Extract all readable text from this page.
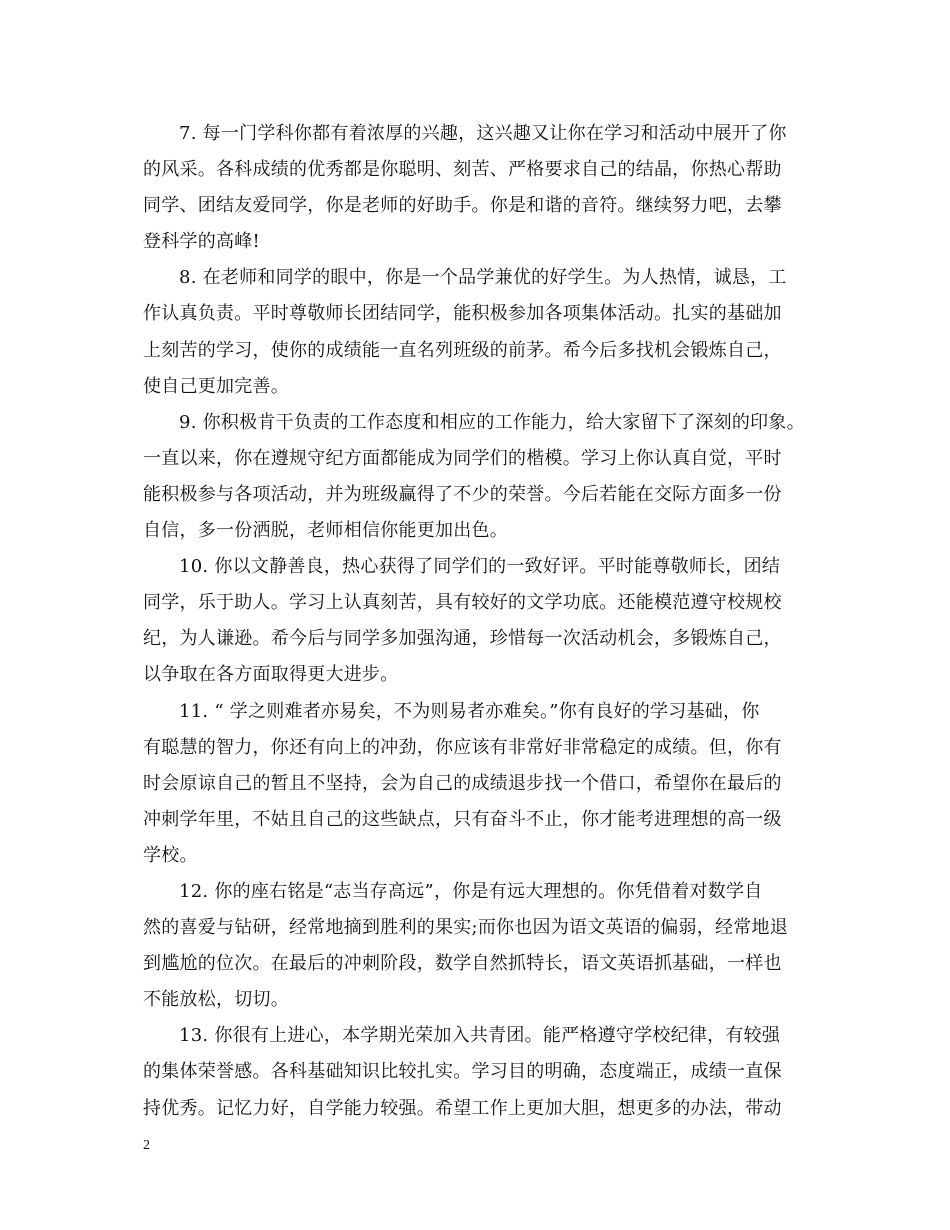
7. 每一门学科你都有着浓厚的兴趣，这兴趣又让你在学习和活动中展开了你
的风采。各科成绩的优秀都是你聪明、刻苦、严格要求自己的结晶，你热心帮助
同学、团结友爱同学，你是老师的好助手。你是和谐的音符。继续努力吧，去攀
登科学的高峰!
8. 在老师和同学的眼中，你是一个品学兼优的好学生。为人热情，诚恳，工
作认真负责。平时尊敬师长团结同学，能积极参加各项集体活动。扎实的基础加
上刻苦的学习，使你的成绩能一直名列班级的前茅。希今后多找机会锻炼自己，
使自己更加完善。
9. 你积极肯干负责的工作态度和相应的工作能力，给大家留下了深刻的印象。
一直以来，你在遵规守纪方面都能成为同学们的楷模。学习上你认真自觉，平时
能积极参与各项活动，并为班级赢得了不少的荣誉。今后若能在交际方面多一份
自信，多一份洒脱，老师相信你能更加出色。
10. 你以文静善良，热心获得了同学们的一致好评。平时能尊敬师长，团结
同学，乐于助人。学习上认真刻苦，具有较好的文学功底。还能模范遵守校规校
纪，为人谦逊。希今后与同学多加强沟通，珍惜每一次活动机会，多锻炼自己，
以争取在各方面取得更大进步。
11. “ 学之则难者亦易矣，不为则易者亦难矣。”你有良好的学习基础，你
有聪慧的智力，你还有向上的冲劲，你应该有非常好非常稳定的成绩。但，你有
时会原谅自己的暂且不坚持，会为自己的成绩退步找一个借口，希望你在最后的
冲刺学年里，不姑且自己的这些缺点，只有奋斗不止，你才能考进理想的高一级
学校。
12. 你的座右铭是“志当存高远”，你是有远大理想的。你凭借着对数学自
然的喜爱与钻研，经常地摘到胜利的果实;而你也因为语文英语的偏弱，经常地退
到尴尬的位次。在最后的冲刺阶段，数学自然抓特长，语文英语抓基础，一样也
不能放松，切切。
13. 你很有上进心，本学期光荣加入共青团。能严格遵守学校纪律，有较强
的集体荣誉感。各科基础知识比较扎实。学习目的明确，态度端正，成绩一直保
持优秀。记忆力好，自学能力较强。希望工作上更加大胆，想更多的办法，带动
2
